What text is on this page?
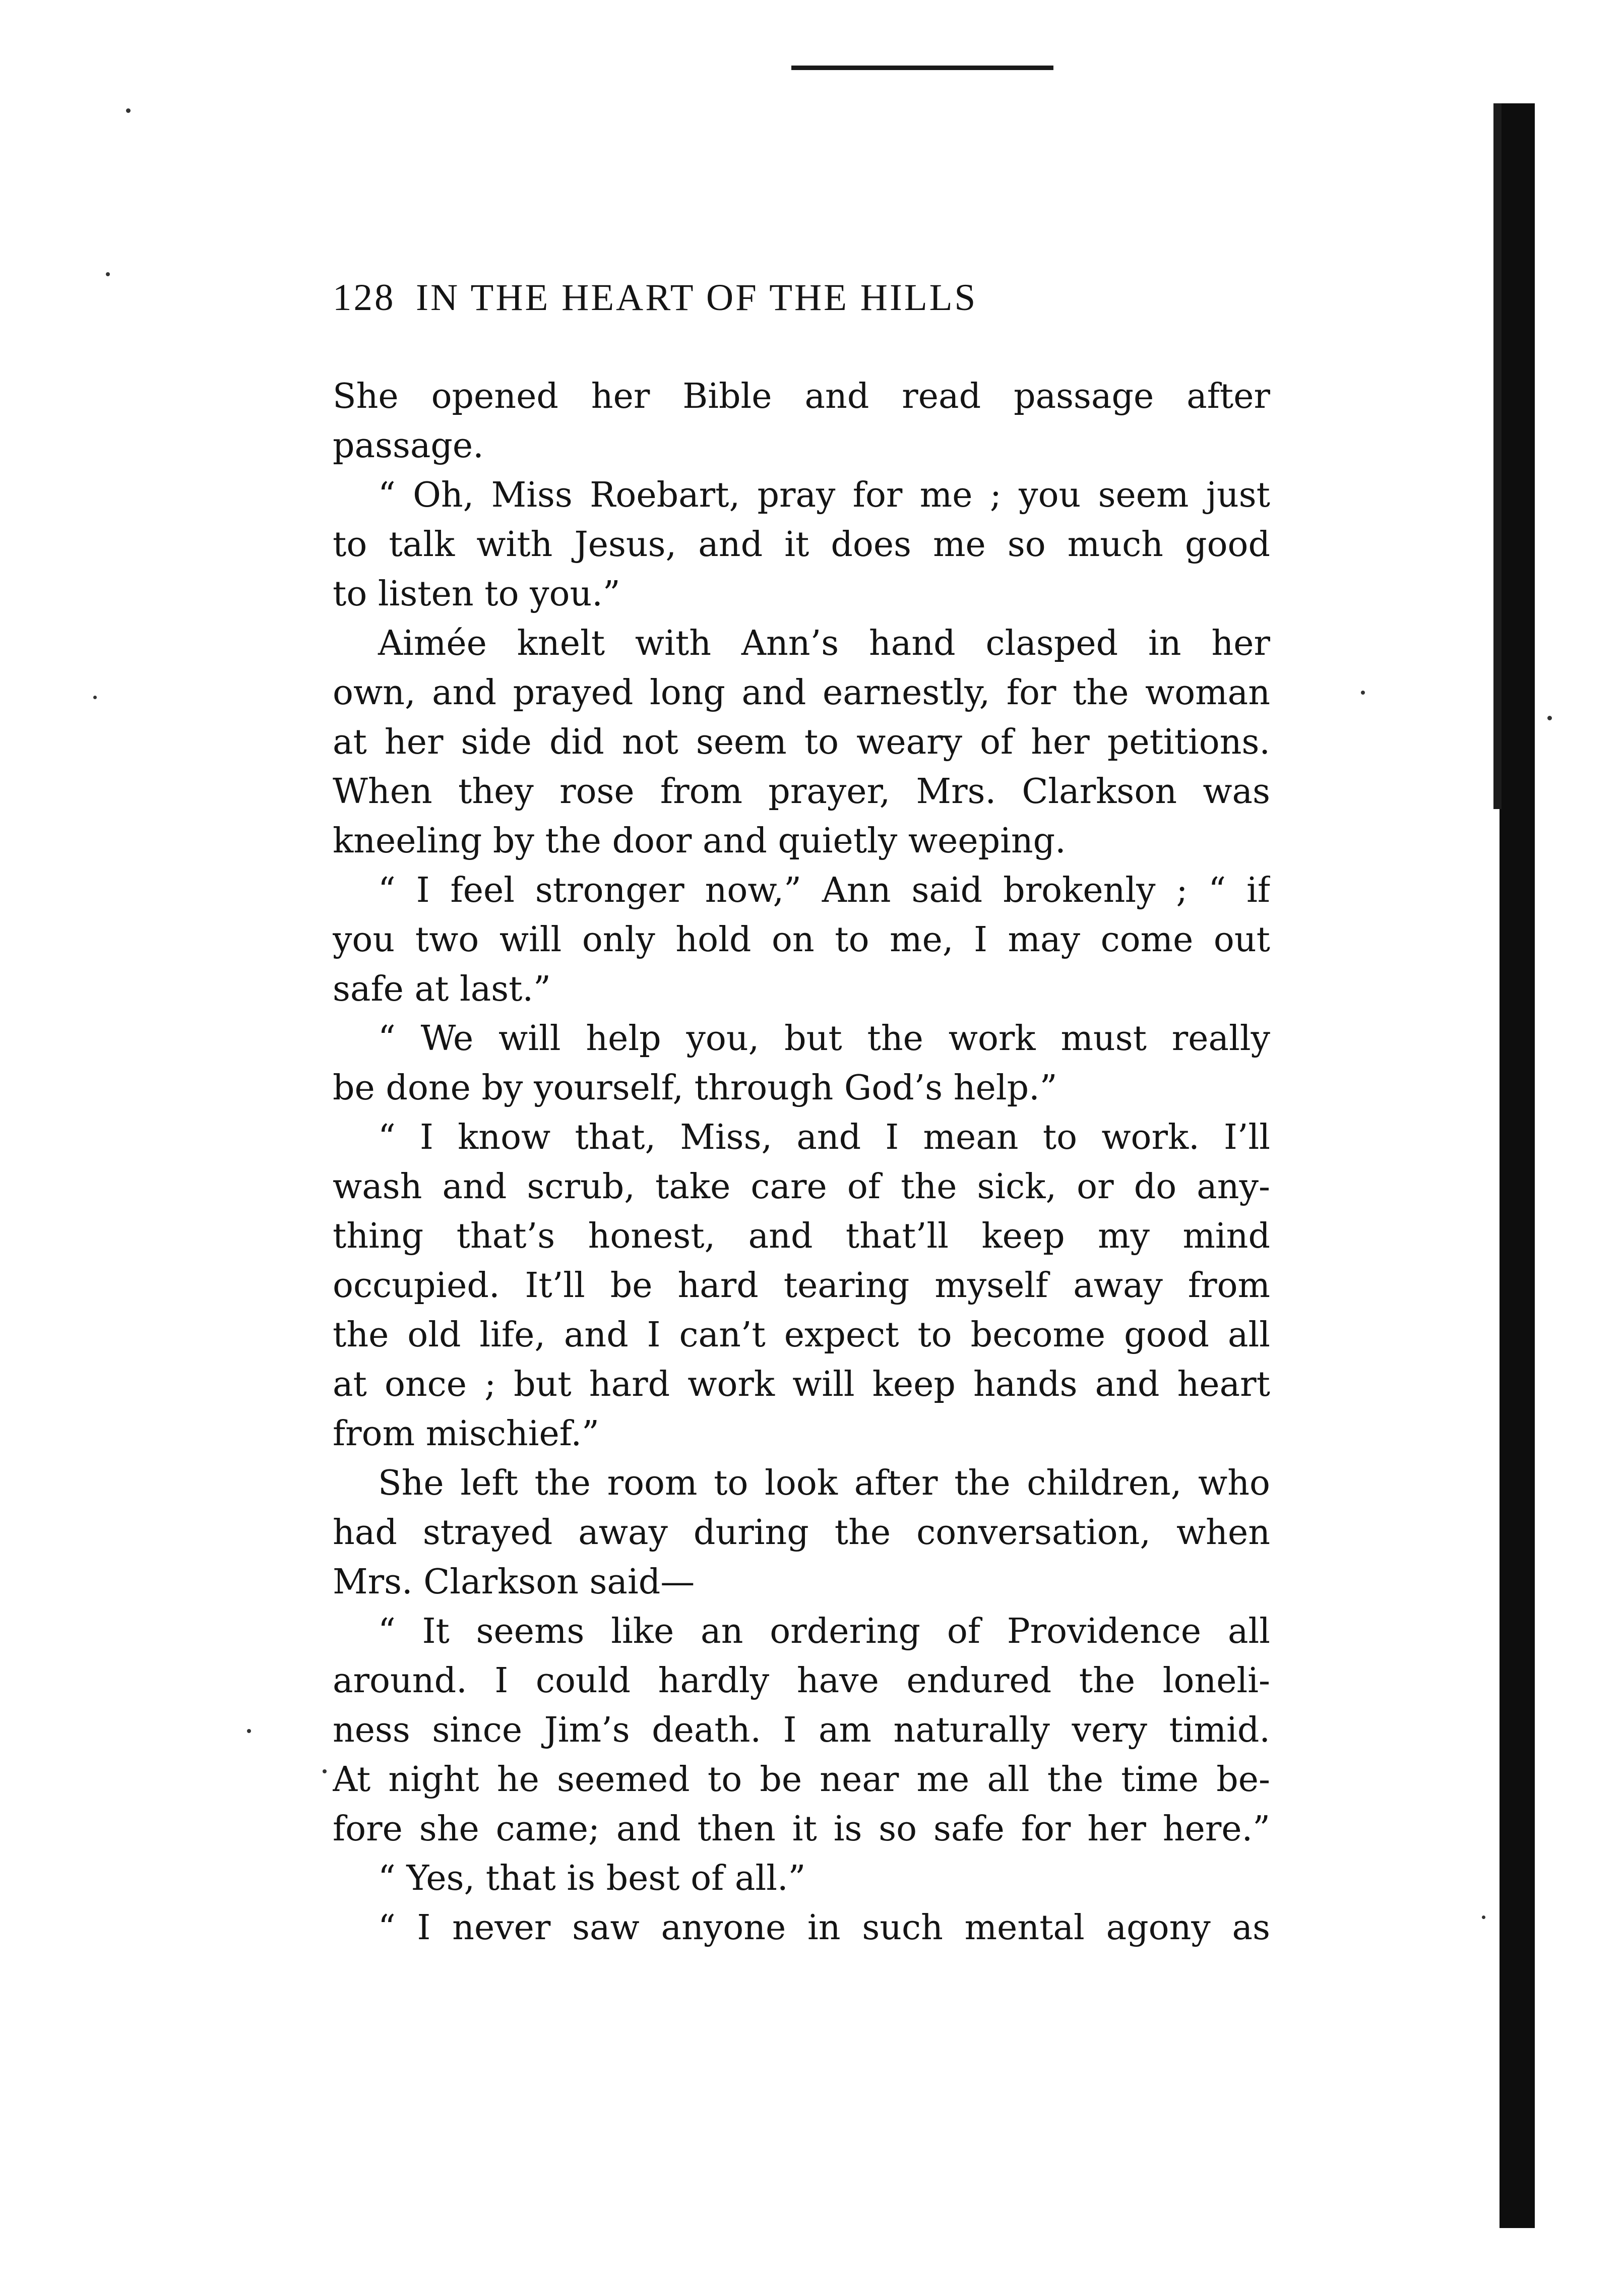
128 IN THE HEART OF THE HILLS
She opened her Bible and read passage after
passage.
“ Oh, Miss Roebart, pray for me ; you seem just
to talk with Jesus, and it does me so much good
to listen to you.”
Aimée knelt with Ann’s hand clasped in her
own, and prayed long and earnestly, for the woman
at her side did not seem to weary of her petitions.
When they rose from prayer, Mrs. Clarkson was
kneeling by the door and quietly weeping.
“ I feel stronger now,” Ann said brokenly ; “ if
you two will only hold on to me, I may come out
safe at last.”
“ We will help you, but the work must really
be done by yourself, through God’s help.”
“ I know that, Miss, and I mean to work. I’ll
wash and scrub, take care of the sick, or do any-
thing that’s honest, and that’ll keep my mind
occupied. It’ll be hard tearing myself away from
the old life, and I can’t expect to become good all
at once ; but hard work will keep hands and heart
from mischief.”
She left the room to look after the children, who
had strayed away during the conversation, when
Mrs. Clarkson said—
“ It seems like an ordering of Providence all
around. I could hardly have endured the loneli-
ness since Jim’s death. I am naturally very timid.
At night he seemed to be near me all the time be-
fore she came; and then it is so safe for her here.”
“ Yes, that is best of all.”
“ I never saw anyone in such mental agony as
